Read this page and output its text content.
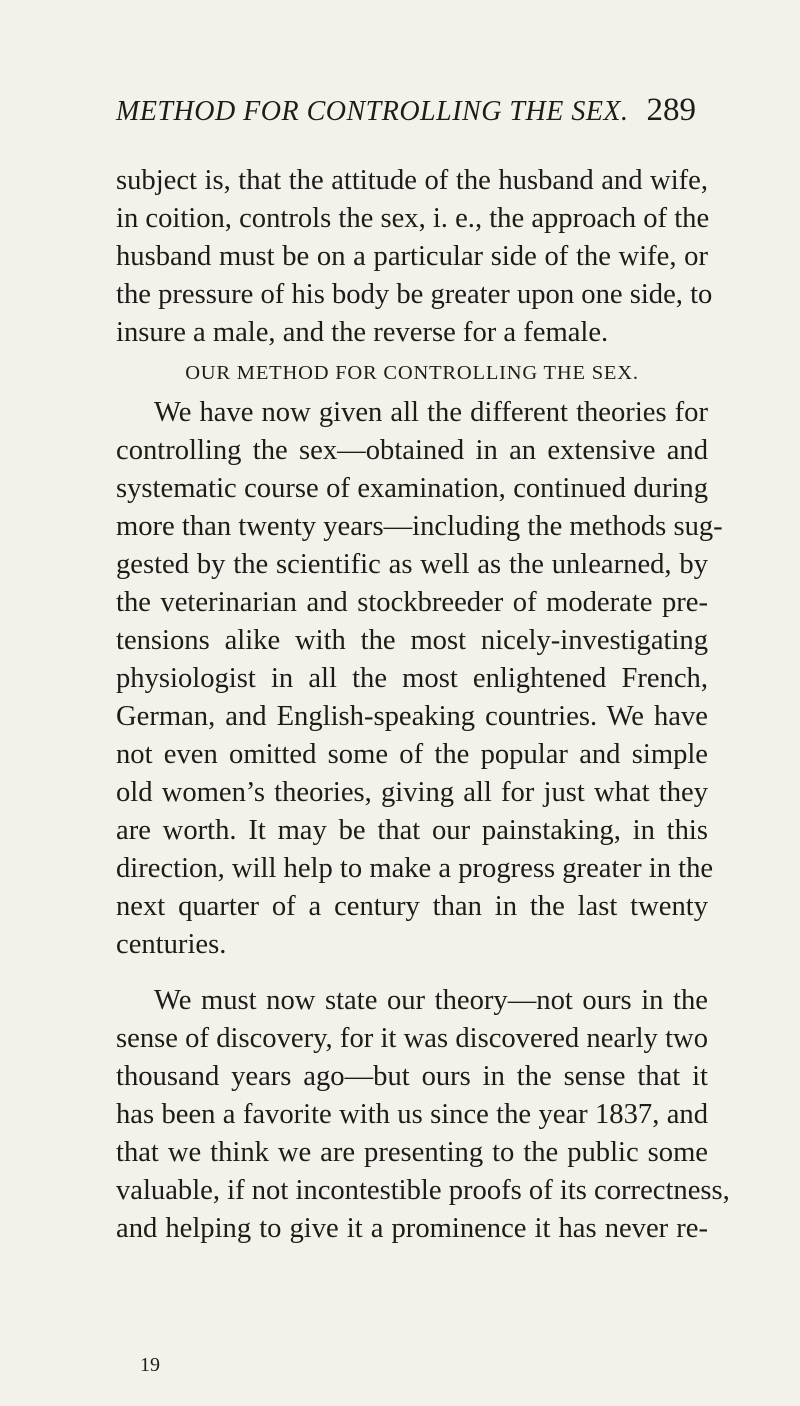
METHOD FOR CONTROLLING THE SEX. 289
subject is, that the attitude of the husband and wife,
in coition, controls the sex, i. e., the approach of the
husband must be on a particular side of the wife, or
the pressure of his body be greater upon one side, to
insure a male, and the reverse for a female.
OUR METHOD FOR CONTROLLING THE SEX.
We have now given all the different theories for
controlling the sex—obtained in an extensive and
systematic course of examination, continued during
more than twenty years—including the methods sug-
gested by the scientific as well as the unlearned, by
the veterinarian and stockbreeder of moderate pre-
tensions alike with the most nicely-investigating
physiologist in all the most enlightened French,
German, and English-speaking countries. We have
not even omitted some of the popular and simple
old women’s theories, giving all for just what they
are worth. It may be that our painstaking, in this
direction, will help to make a progress greater in the
next quarter of a century than in the last twenty
centuries.
We must now state our theory—not ours in the
sense of discovery, for it was discovered nearly two
thousand years ago—but ours in the sense that it
has been a favorite with us since the year 1837, and
that we think we are presenting to the public some
valuable, if not incontestible proofs of its correctness,
and helping to give it a prominence it has never re-
19
